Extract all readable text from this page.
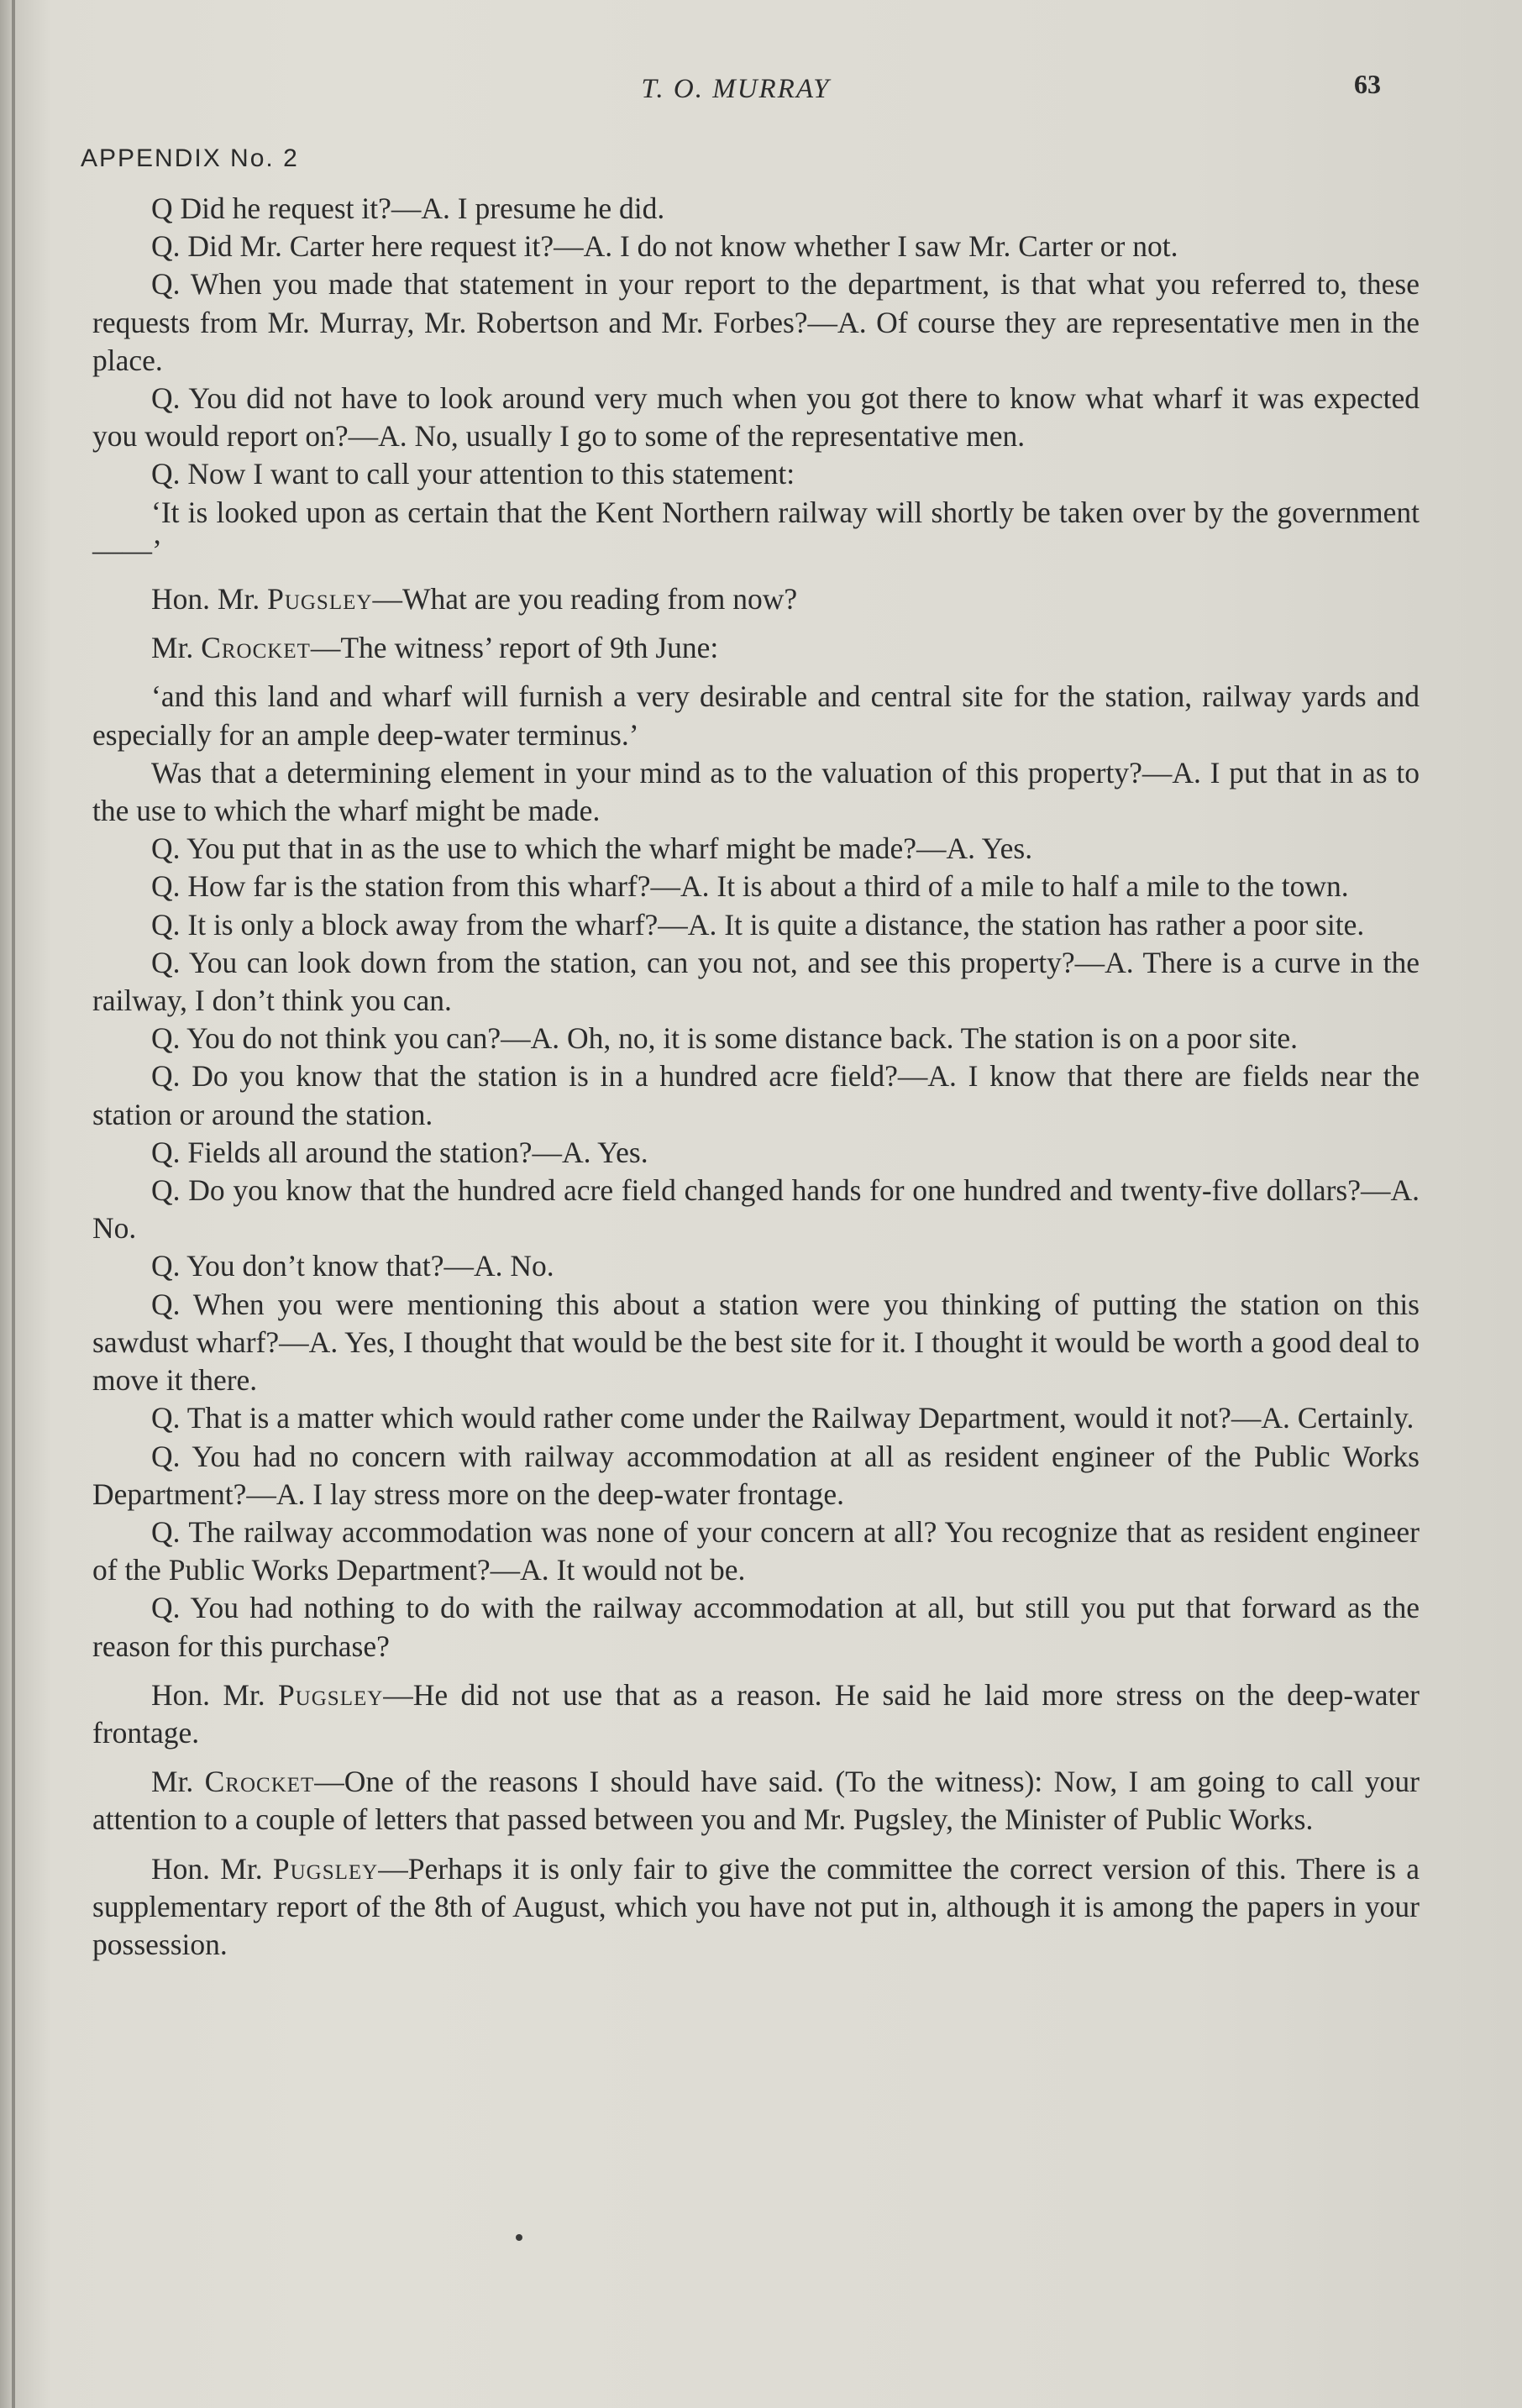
T. O. MURRAY	63
APPENDIX No. 2

Q Did he request it?—A. I presume he did.

Q. Did Mr. Carter here request it?—A. I do not know whether I saw Mr. Carter or not.

Q. When you made that statement in your report to the department, is that what you referred to, these requests from Mr. Murray, Mr. Robertson and Mr. Forbes?—A. Of course they are representative men in the place.

Q. You did not have to look around very much when you got there to know what wharf it was expected you would report on?—A. No, usually I go to some of the representative men.

Q. Now I want to call your attention to this statement:

‘It is looked upon as certain that the Kent Northern railway will shortly be taken over by the government——’

Hon. Mr. Pugsley—What are you reading from now?

Mr. Crocket—The witness’ report of 9th June:

‘and this land and wharf will furnish a very desirable and central site for the station, railway yards and especially for an ample deep-water terminus.’

Was that a determining element in your mind as to the valuation of this property?—A. I put that in as to the use to which the wharf might be made.

Q. You put that in as the use to which the wharf might be made?—A. Yes.

Q. How far is the station from this wharf?—A. It is about a third of a mile to half a mile to the town.

Q. It is only a block away from the wharf?—A. It is quite a distance, the station has rather a poor site.

Q. You can look down from the station, can you not, and see this property?—A. There is a curve in the railway, I don’t think you can.

Q. You do not think you can?—A. Oh, no, it is some distance back. The station is on a poor site.

Q. Do you know that the station is in a hundred acre field?—A. I know that there are fields near the station or around the station.

Q. Fields all around the station?—A. Yes.

Q. Do you know that the hundred acre field changed hands for one hundred and twenty-five dollars?—A. No.

Q. You don’t know that?—A. No.

Q. When you were mentioning this about a station were you thinking of putting the station on this sawdust wharf?—A. Yes, I thought that would be the best site for it. I thought it would be worth a good deal to move it there.

Q. That is a matter which would rather come under the Railway Department, would it not?—A. Certainly.

Q. You had no concern with railway accommodation at all as resident engineer of the Public Works Department?—A. I lay stress more on the deep-water frontage.

Q. The railway accommodation was none of your concern at all? You recognize that as resident engineer of the Public Works Department?—A. It would not be.

Q. You had nothing to do with the railway accommodation at all, but still you put that forward as the reason for this purchase?

Hon. Mr. Pugsley—He did not use that as a reason. He said he laid more stress on the deep-water frontage.

Mr. Crocket—One of the reasons I should have said. (To the witness): Now, I am going to call your attention to a couple of letters that passed between you and Mr. Pugsley, the Minister of Public Works.

Hon. Mr. Pugsley—Perhaps it is only fair to give the committee the correct version of this. There is a supplementary report of the 8th of August, which you have not put in, although it is among the papers in your possession.
